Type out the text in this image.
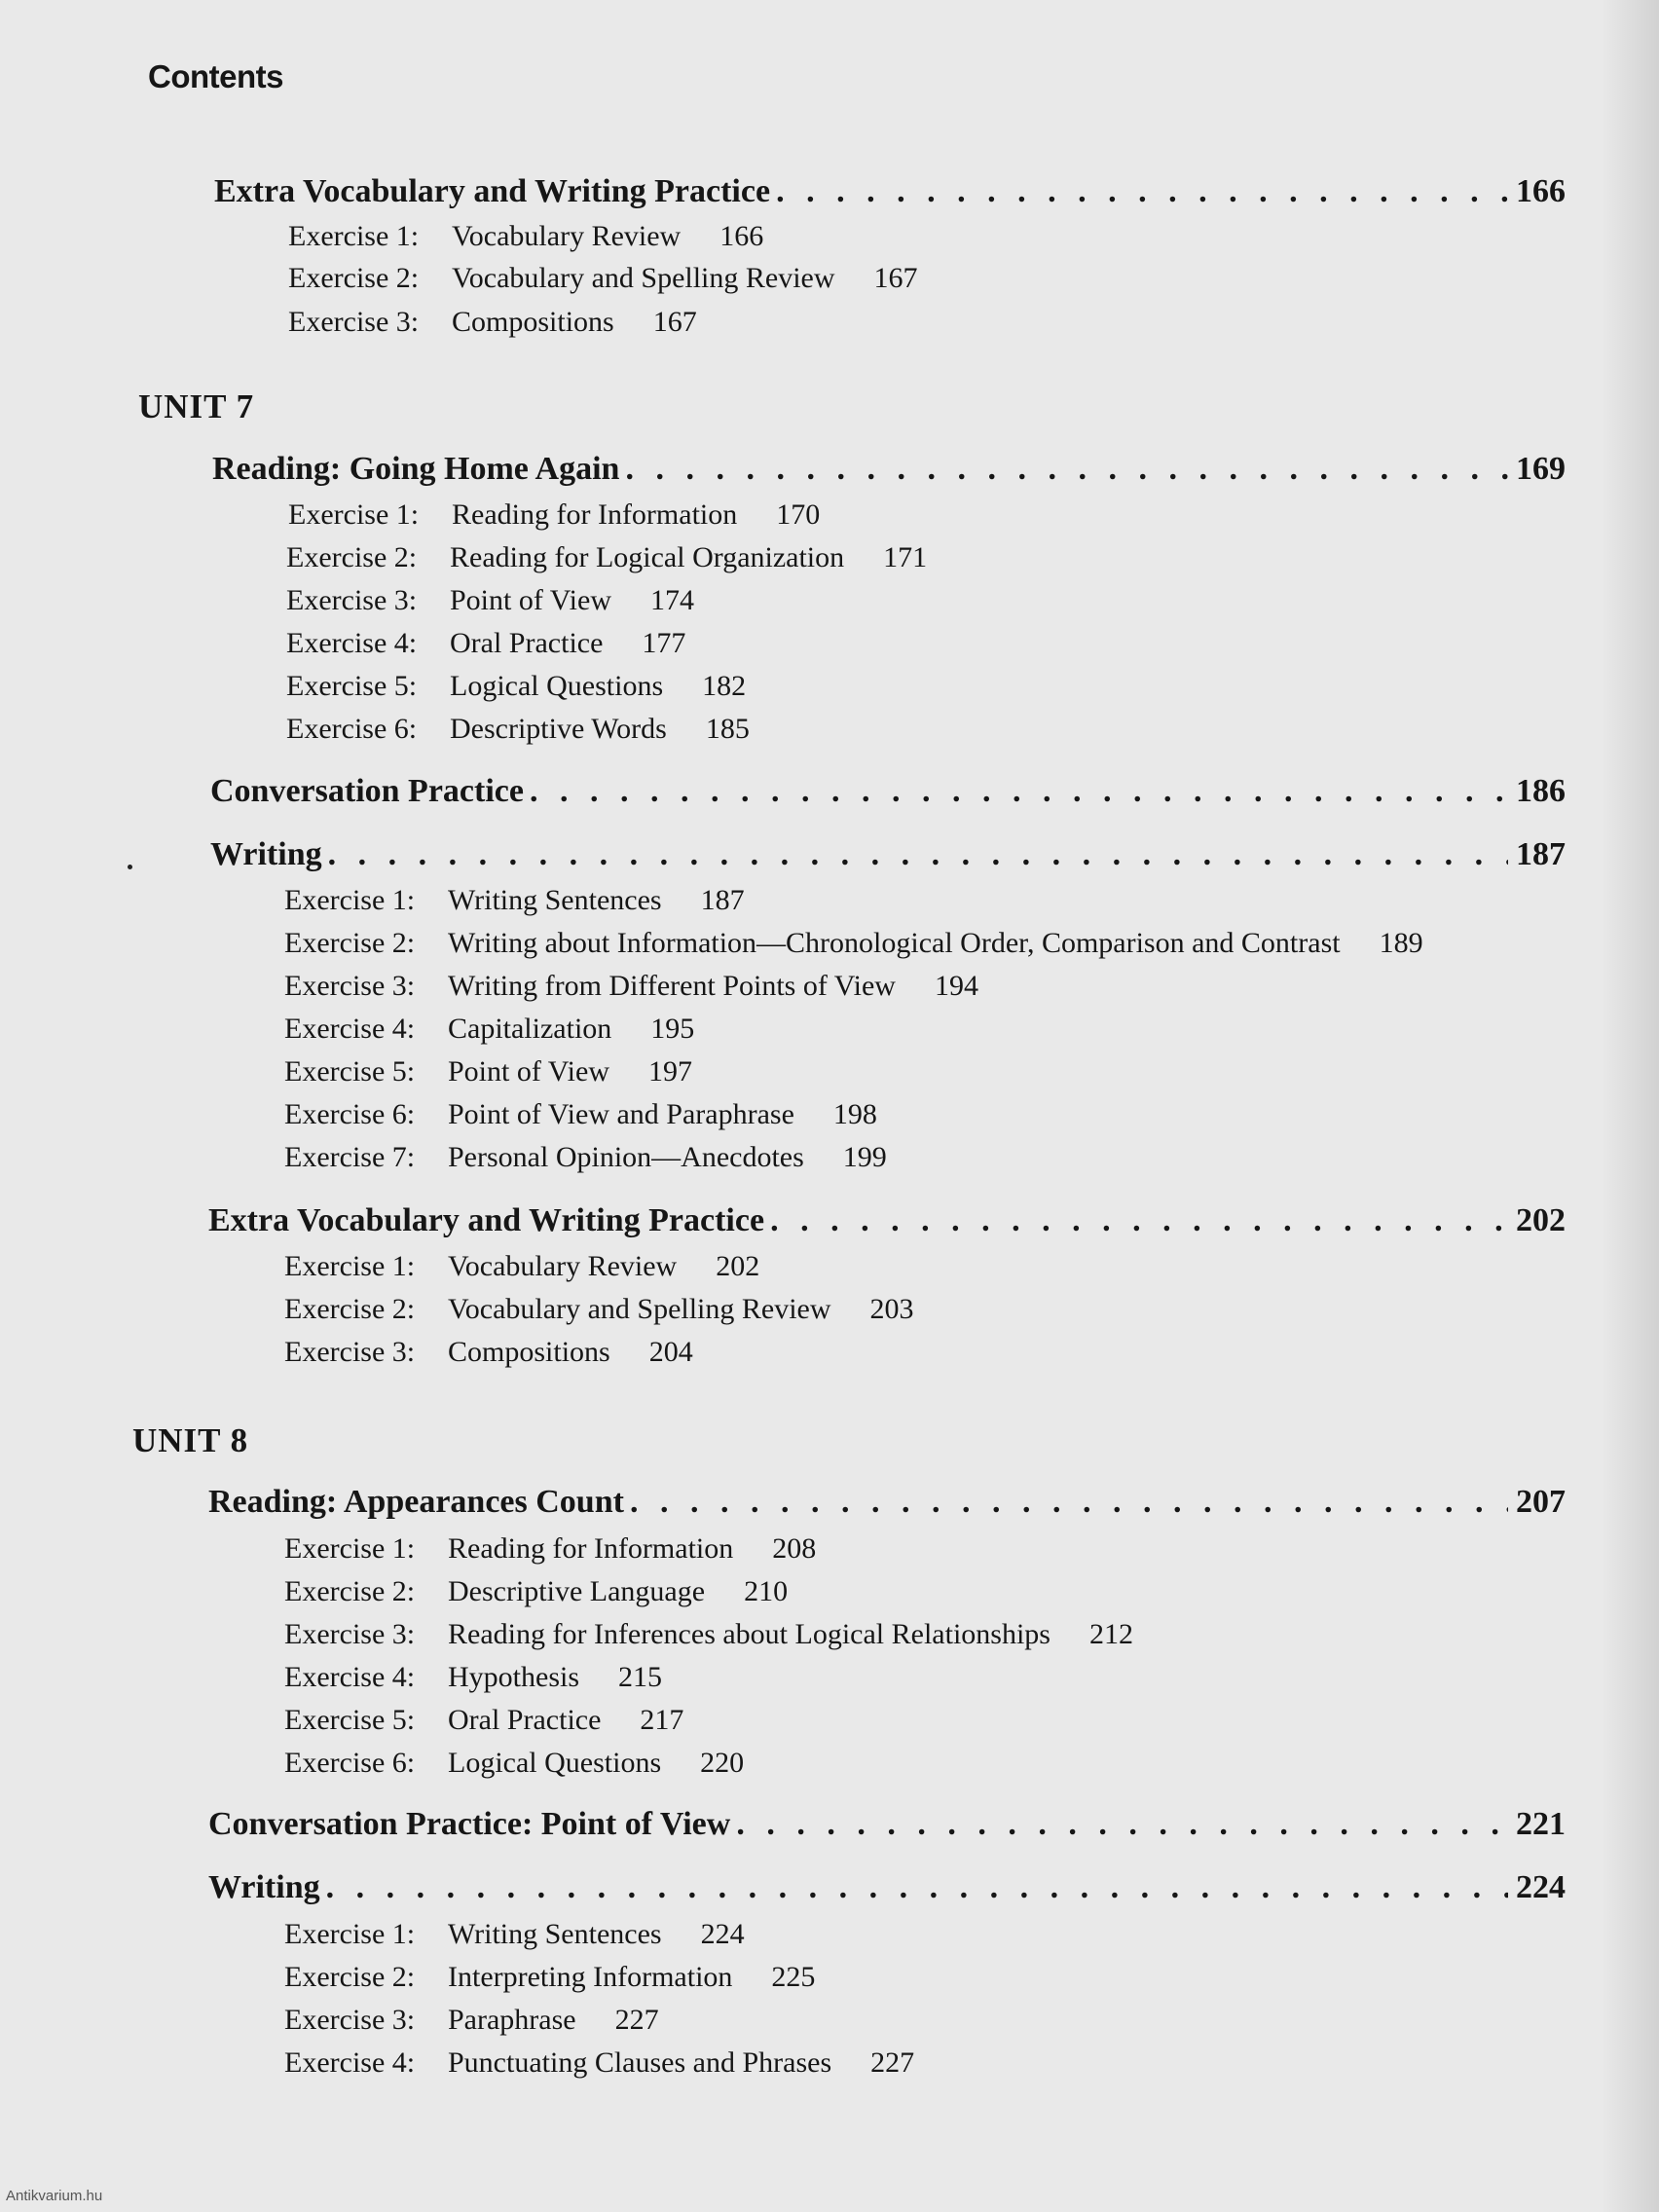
Contents
Extra Vocabulary and Writing Practice . . .	166
Exercise 1:	Vocabulary Review 166
Exercise 2:	Vocabulary and Spelling Review 167
Exercise 3:	Compositions 167
UNIT 7
Reading: Going Home Again . . .	169
Exercise 1:	Reading for Information 170
Exercise 2:	Reading for Logical Organization 171
Exercise 3:	Point of View 174
Exercise 4:	Oral Practice 177
Exercise 5:	Logical Questions 182
Exercise 6:	Descriptive Words 185
Conversation Practice . . .	186
Writing . . .	187
Exercise 1:	Writing Sentences 187
Exercise 2:	Writing about Information—Chronological Order, Comparison and Contrast 189
Exercise 3:	Writing from Different Points of View 194
Exercise 4:	Capitalization 195
Exercise 5:	Point of View 197
Exercise 6:	Point of View and Paraphrase 198
Exercise 7:	Personal Opinion—Anecdotes 199
Extra Vocabulary and Writing Practice . . .	202
Exercise 1:	Vocabulary Review 202
Exercise 2:	Vocabulary and Spelling Review 203
Exercise 3:	Compositions 204
UNIT 8
Reading: Appearances Count . . .	207
Exercise 1:	Reading for Information 208
Exercise 2:	Descriptive Language 210
Exercise 3:	Reading for Inferences about Logical Relationships 212
Exercise 4:	Hypothesis 215
Exercise 5:	Oral Practice 217
Exercise 6:	Logical Questions 220
Conversation Practice: Point of View . . .	221
Writing . . .	224
Exercise 1:	Writing Sentences 224
Exercise 2:	Interpreting Information 225
Exercise 3:	Paraphrase 227
Exercise 4:	Punctuating Clauses and Phrases 227
Antikvarium.hu
